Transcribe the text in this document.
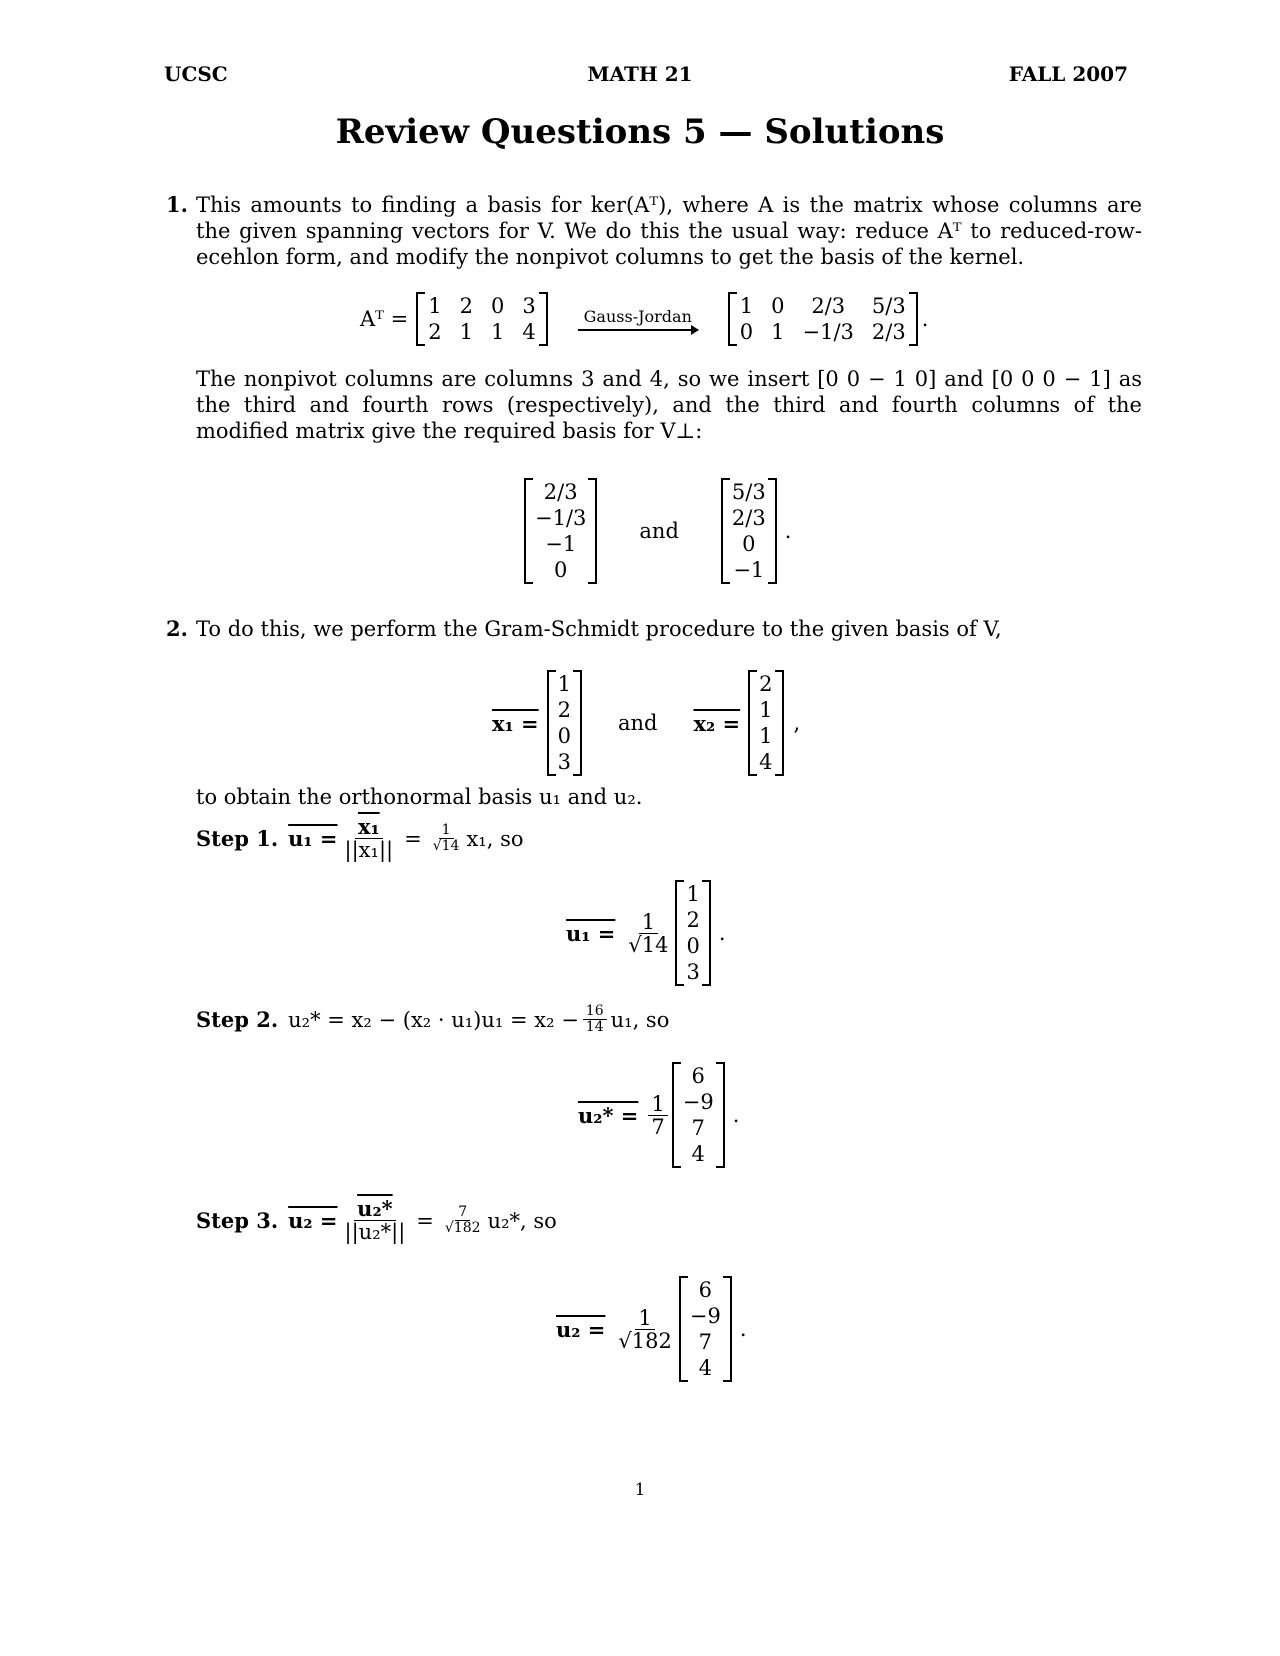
UCSC	MATH 21	FALL 2007
Review Questions 5 — Solutions
1. This amounts to finding a basis for ker(Aᵀ), where A is the matrix whose columns are the given spanning vectors for V. We do this the usual way: reduce Aᵀ to reduced-row-ecehlon form, and modify the nonpivot columns to get the basis of the kernel.
Aᵀ =
1 2 0 3
2 1 1 4
Gauss-Jordan 1 0	2/3	5/3
0 1 −1/3 2/3
.
The nonpivot columns are columns 3 and 4, so we insert [0 0 − 1 0] and [0 0 0 − 1] as the third and fourth rows (respectively), and the third and fourth columns of the modified matrix give the required basis for V⊥:
2/3
−1/3
−1
0
and
5/3
2/3
0
−1
.
2. To do this, we perform the Gram-Schmidt procedure to the given basis of V,
x₁ =
1
2
0
3
and x₂ =
2
1
1
4
,
to obtain the orthonormal basis u₁ and u₂.
Step 1. $u_1 = \frac{\text{x₁}}{\text{||x₁||}} = \frac{1}{√14} x_1$, so
$u_1 = \frac{1}{√14}$
1
2
0
3
.
Step 2. $u_2* = x_2 - (x_2 \cdot u_1)u_1 = x_2 - \frac{16}{14} u_1$, so
$u_2* = \frac{1}{7}$
6
−9
7
4
.
Step 3. $u_2 = \frac{\text{u₂*}}{\text{||u₂*||}} = \frac{7}{√182} u_2*$, so
$u_2 = \frac{1}{√182}$
6
−9
7
4
.
1
